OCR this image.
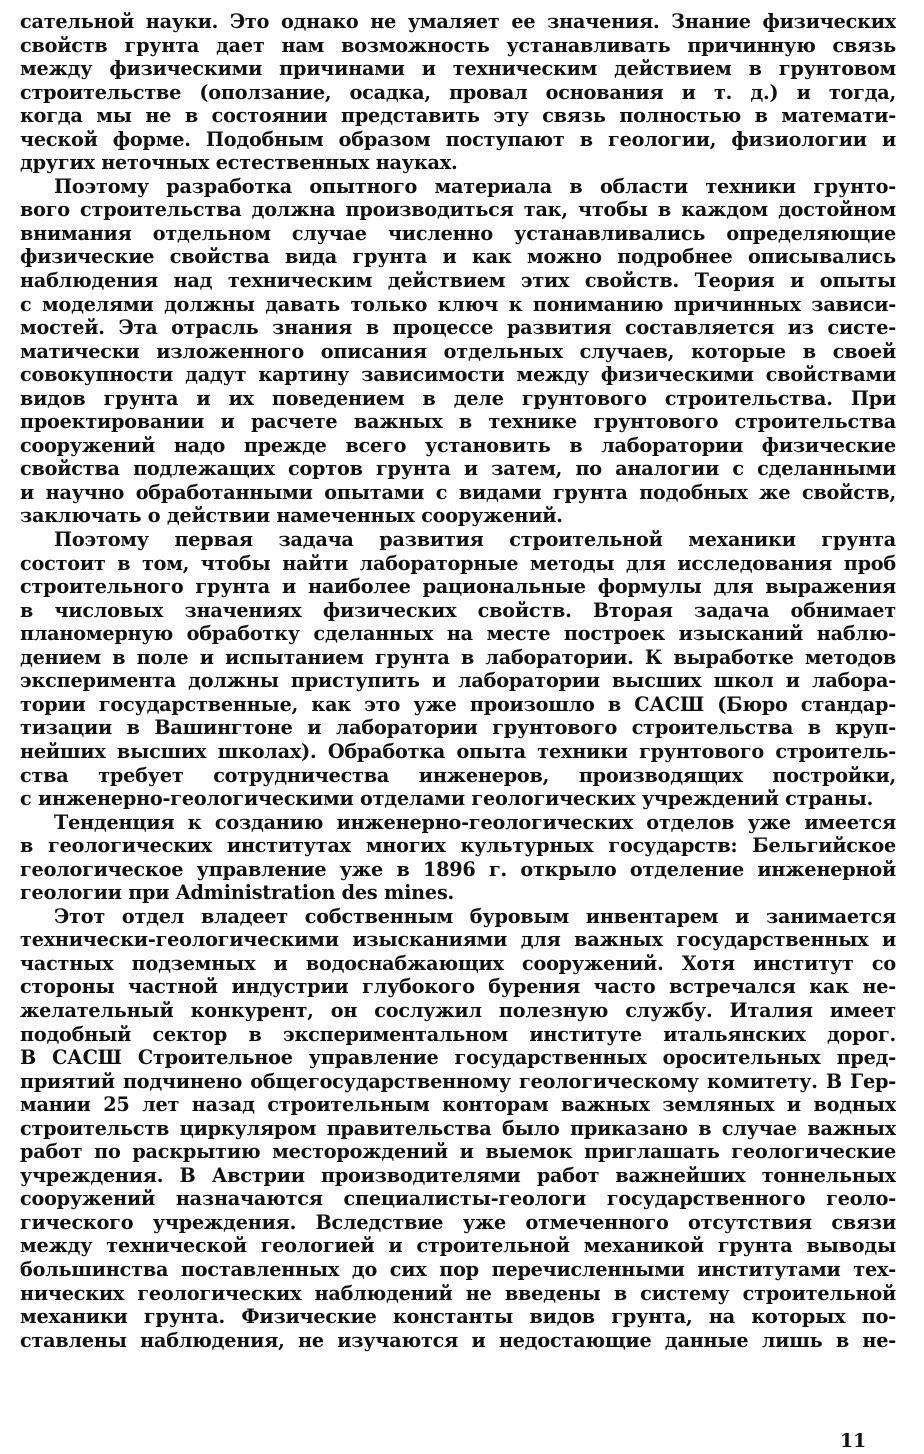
сательной науки. Это однако не умаляет ее значения. Знание физических
свойств грунта дает нам возможность устанавливать причинную связь
между физическими причинами и техническим действием в грунтовом
строительстве (оползание, осадка, провал основания и т. д.) и тогда,
когда мы не в состоянии представить эту связь полностью в математи-
ческой форме. Подобным образом поступают в геологии, физиологии и
других неточных естественных науках.
Поэтому разработка опытного материала в области техники грунто-
вого строительства должна производиться так, чтобы в каждом достойном
внимания отдельном случае численно устанавливались определяющие
физические свойства вида грунта и как можно подробнее описывались
наблюдения над техническим действием этих свойств. Теория и опыты
с моделями должны давать только ключ к пониманию причинных зависи-
мостей. Эта отрасль знания в процессе развития составляется из систе-
матически изложенного описания отдельных случаев, которые в своей
совокупности дадут картину зависимости между физическими свойствами
видов грунта и их поведением в деле грунтового строительства. При
проектировании и расчете важных в технике грунтового строительства
сооружений надо прежде всего установить в лаборатории физические
свойства подлежащих сортов грунта и затем, по аналогии с сделанными
и научно обработанными опытами с видами грунта подобных же свойств,
заключать о действии намеченных сооружений.
Поэтому первая задача развития строительной механики грунта
состоит в том, чтобы найти лабораторные методы для исследования проб
строительного грунта и наиболее рациональные формулы для выражения
в числовых значениях физических свойств. Вторая задача обнимает
планомерную обработку сделанных на месте построек изысканий наблю-
дением в поле и испытанием грунта в лаборатории. К выработке методов
эксперимента должны приступить и лаборатории высших школ и лабора-
тории государственные, как это уже произошло в САСШ (Бюро стандар-
тизации в Вашингтоне и лаборатории грунтового строительства в круп-
нейших высших школах). Обработка опыта техники грунтового строитель-
ства требует сотрудничества инженеров, производящих постройки,
с инженерно-геологическими отделами геологических учреждений страны.
Тенденция к созданию инженерно-геологических отделов уже имеется
в геологических институтах многих культурных государств: Бельгийское
геологическое управление уже в 1896 г. открыло отделение инженерной
геологии при Administration des mines.
Этот отдел владеет собственным буровым инвентарем и занимается
технически-геологическими изысканиями для важных государственных и
частных подземных и водоснабжающих сооружений. Хотя институт со
стороны частной индустрии глубокого бурения часто встречался как не-
желательный конкурент, он сослужил полезную службу. Италия имеет
подобный сектор в экспериментальном институте итальянских дорог.
В САСШ Строительное управление государственных оросительных пред-
приятий подчинено общегосударственному геологическому комитету. В Гер-
мании 25 лет назад строительным конторам важных земляных и водных
строительств циркуляром правительства было приказано в случае важных
работ по раскрытию месторождений и выемок приглашать геологические
учреждения. В Австрии производителями работ важнейших тоннельных
сооружений назначаются специалисты-геологи государственного геоло-
гического учреждения. Вследствие уже отмеченного отсутствия связи
между технической геологией и строительной механикой грунта выводы
большинства поставленных до сих пор перечисленными институтами тех-
нических геологических наблюдений не введены в систему строительной
механики грунта. Физические константы видов грунта, на которых по-
ставлены наблюдения, не изучаются и недостающие данные лишь в не-
11
